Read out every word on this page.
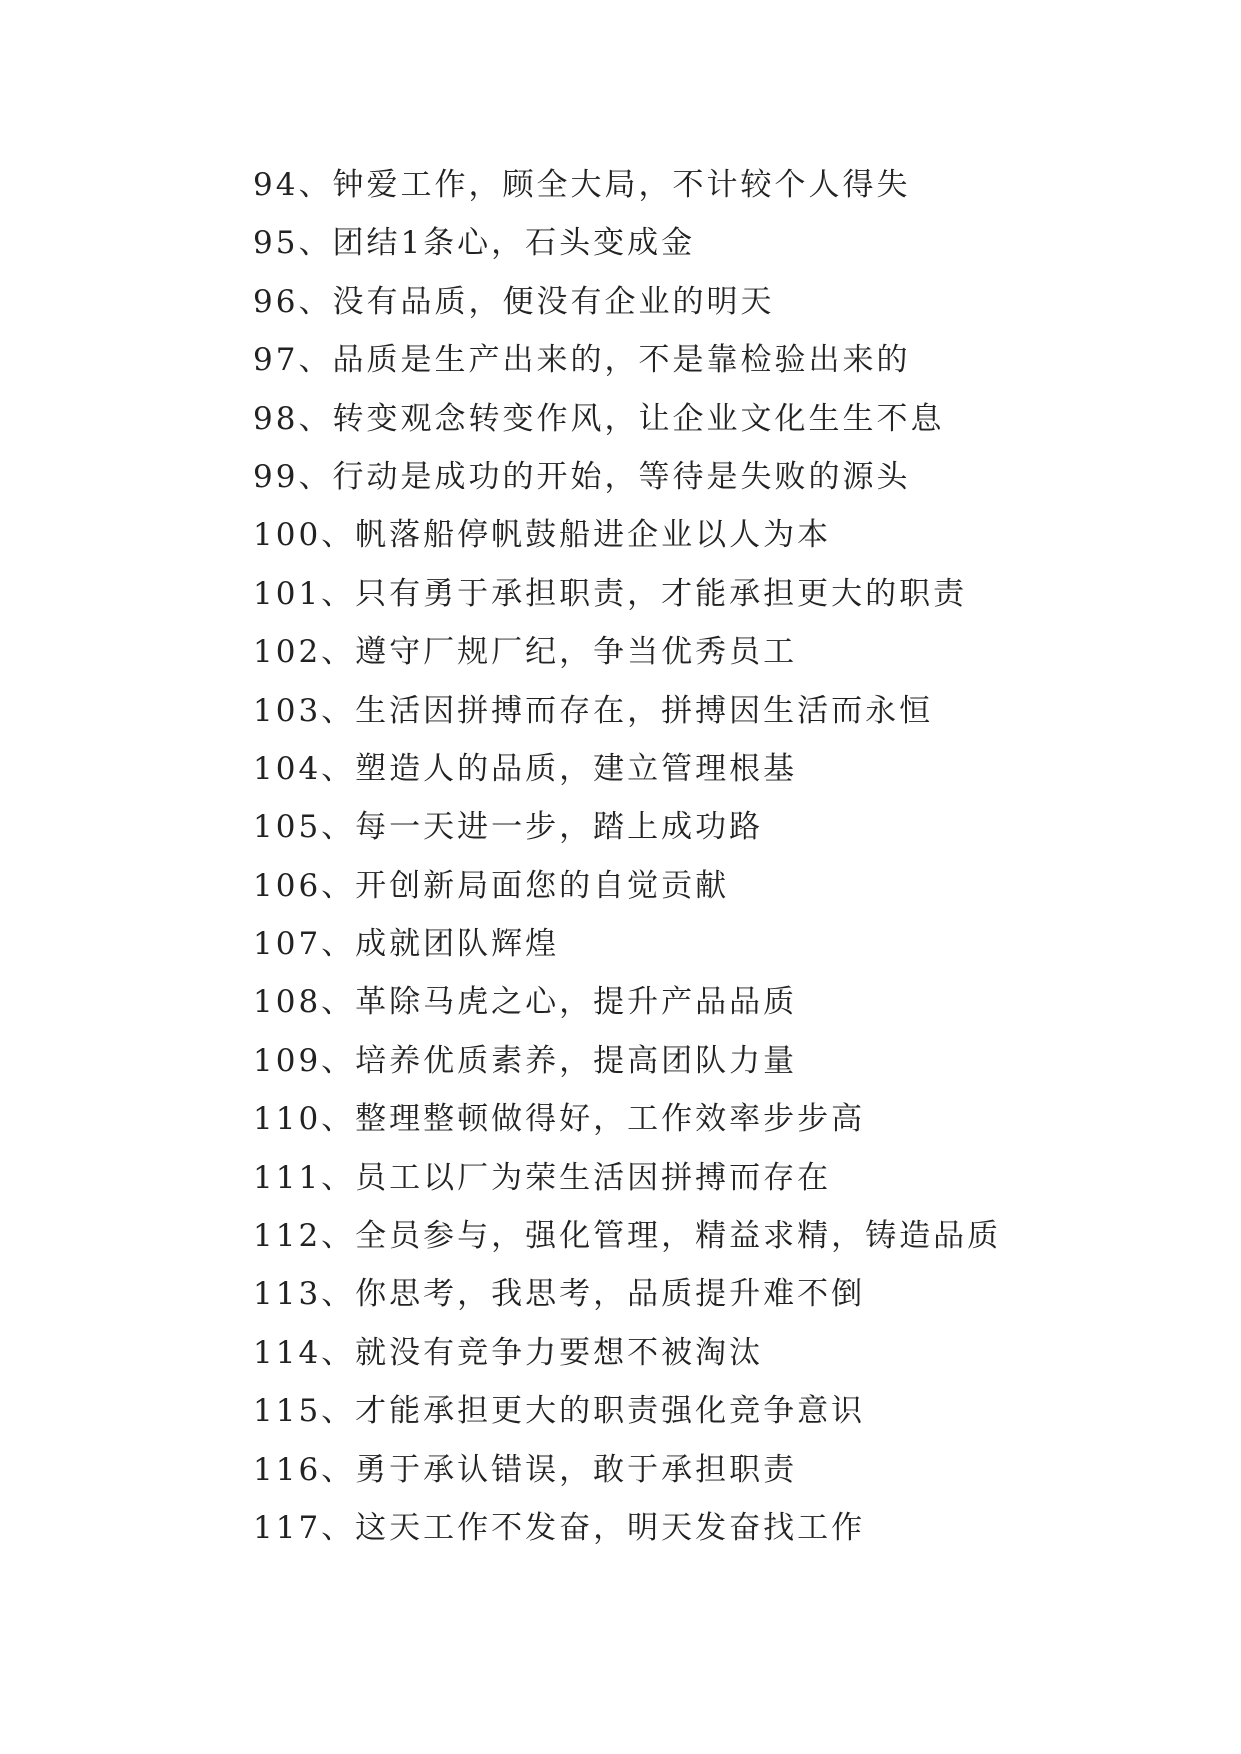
94、钟爱工作，顾全大局，不计较个人得失
95、团结1条心，石头变成金
96、没有品质，便没有企业的明天
97、品质是生产出来的，不是靠检验出来的
98、转变观念转变作风，让企业文化生生不息
99、行动是成功的开始，等待是失败的源头
100、帆落船停帆鼓船进企业以人为本
101、只有勇于承担职责，才能承担更大的职责
102、遵守厂规厂纪，争当优秀员工
103、生活因拼搏而存在，拼搏因生活而永恒
104、塑造人的品质，建立管理根基
105、每一天进一步，踏上成功路
106、开创新局面您的自觉贡献
107、成就团队辉煌
108、革除马虎之心，提升产品品质
109、培养优质素养，提高团队力量
110、整理整顿做得好，工作效率步步高
111、员工以厂为荣生活因拼搏而存在
112、全员参与，强化管理，精益求精，铸造品质
113、你思考，我思考，品质提升难不倒
114、就没有竞争力要想不被淘汰
115、才能承担更大的职责强化竞争意识
116、勇于承认错误，敢于承担职责
117、这天工作不发奋，明天发奋找工作
